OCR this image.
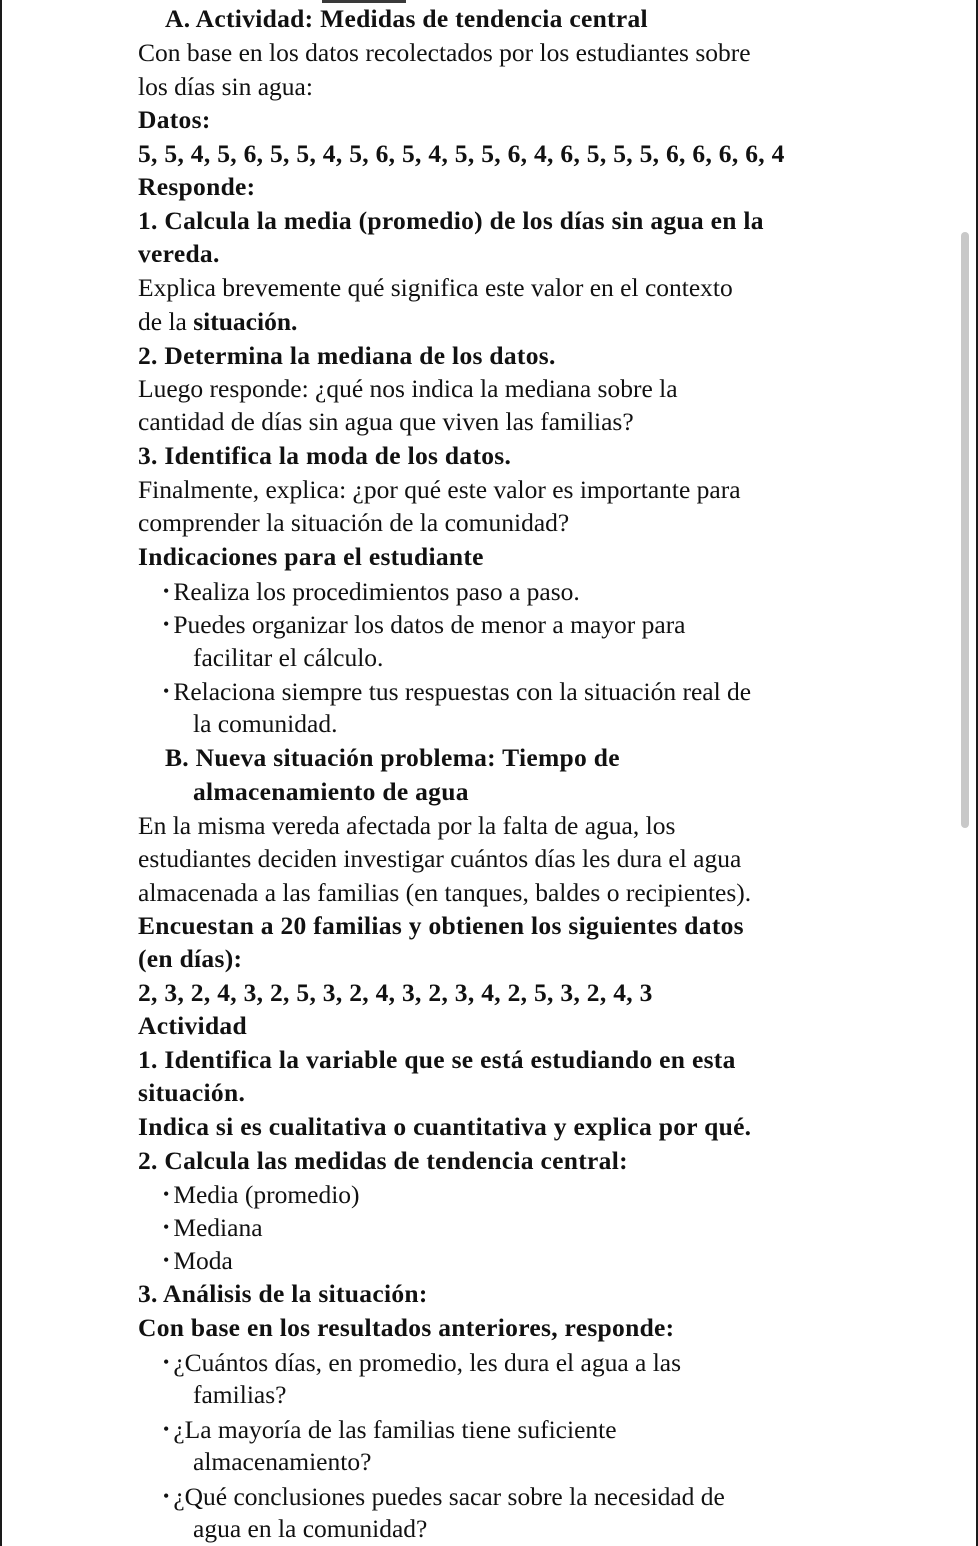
A. Actividad: Medidas de tendencia central
Con base en los datos recolectados por los estudiantes sobre
los días sin agua:
Datos:
5, 5, 4, 5, 6, 5, 5, 4, 5, 6, 5, 4, 5, 5, 6, 4, 6, 5, 5, 5, 6, 6, 6, 6, 4
Responde:
1. Calcula la media (promedio) de los días sin agua en la
vereda.
Explica brevemente qué significa este valor en el contexto
de la situación.
2. Determina la mediana de los datos.
Luego responde: ¿qué nos indica la mediana sobre la
cantidad de días sin agua que viven las familias?
3. Identifica la moda de los datos.
Finalmente, explica: ¿por qué este valor es importante para
comprender la situación de la comunidad?
Indicaciones para el estudiante
• Realiza los procedimientos paso a paso.
• Puedes organizar los datos de menor a mayor para
facilitar el cálculo.
• Relaciona siempre tus respuestas con la situación real de
la comunidad.
B. Nueva situación problema: Tiempo de
almacenamiento de agua
En la misma vereda afectada por la falta de agua, los
estudiantes deciden investigar cuántos días les dura el agua
almacenada a las familias (en tanques, baldes o recipientes).
Encuestan a 20 familias y obtienen los siguientes datos
(en días):
2, 3, 2, 4, 3, 2, 5, 3, 2, 4, 3, 2, 3, 4, 2, 5, 3, 2, 4, 3
Actividad
1. Identifica la variable que se está estudiando en esta
situación.
Indica si es cualitativa o cuantitativa y explica por qué.
2. Calcula las medidas de tendencia central:
• Media (promedio)
• Mediana
• Moda
3. Análisis de la situación:
Con base en los resultados anteriores, responde:
• ¿Cuántos días, en promedio, les dura el agua a las
familias?
• ¿La mayoría de las familias tiene suficiente
almacenamiento?
• ¿Qué conclusiones puedes sacar sobre la necesidad de
agua en la comunidad?
